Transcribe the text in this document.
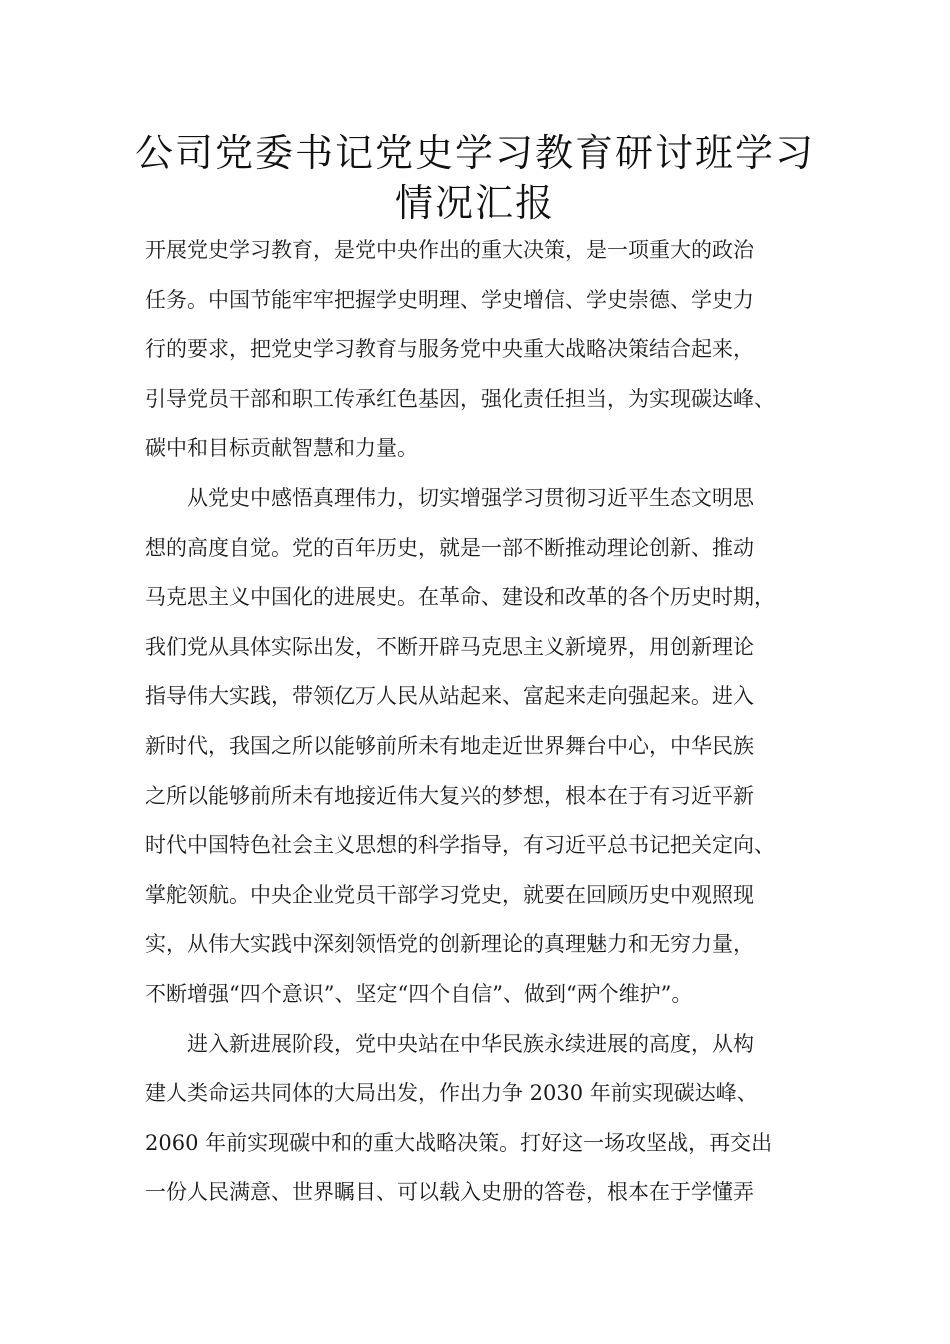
公司党委书记党史学习教育研讨班学习
情况汇报
开展党史学习教育，是党中央作出的重大决策，是一项重大的政治
任务。中国节能牢牢把握学史明理、学史增信、学史崇德、学史力
行的要求，把党史学习教育与服务党中央重大战略决策结合起来，
引导党员干部和职工传承红色基因，强化责任担当，为实现碳达峰、
碳中和目标贡献智慧和力量。
从党史中感悟真理伟力，切实增强学习贯彻习近平生态文明思
想的高度自觉。党的百年历史，就是一部不断推动理论创新、推动
马克思主义中国化的进展史。在革命、建设和改革的各个历史时期，
我们党从具体实际出发，不断开辟马克思主义新境界，用创新理论
指导伟大实践，带领亿万人民从站起来、富起来走向强起来。进入
新时代，我国之所以能够前所未有地走近世界舞台中心，中华民族
之所以能够前所未有地接近伟大复兴的梦想，根本在于有习近平新
时代中国特色社会主义思想的科学指导，有习近平总书记把关定向、
掌舵领航。中央企业党员干部学习党史，就要在回顾历史中观照现
实，从伟大实践中深刻领悟党的创新理论的真理魅力和无穷力量，
不断增强“四个意识”、坚定“四个自信”、做到“两个维护”。
进入新进展阶段，党中央站在中华民族永续进展的高度，从构
建人类命运共同体的大局出发，作出力争 2030 年前实现碳达峰、
2060 年前实现碳中和的重大战略决策。打好这一场攻坚战，再交出
一份人民满意、世界瞩目、可以载入史册的答卷，根本在于学懂弄
